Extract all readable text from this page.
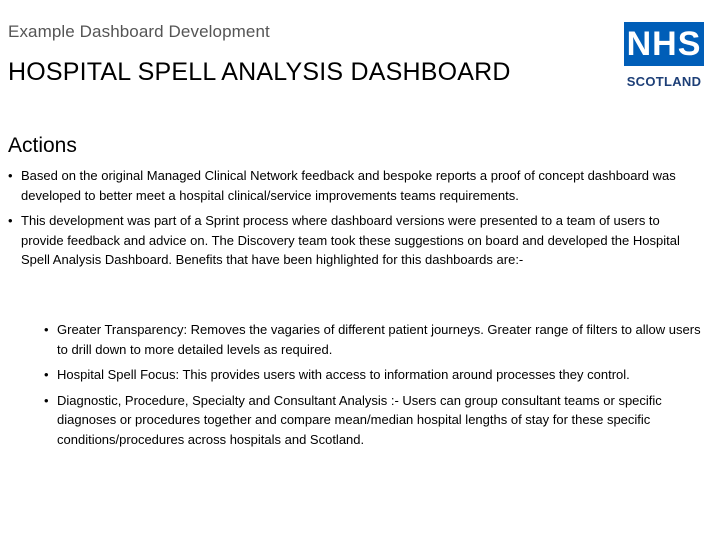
Example Dashboard Development
HOSPITAL SPELL ANALYSIS DASHBOARD
NHS
SCOTLAND
Actions
• Based on the original Managed Clinical Network feedback and bespoke reports a proof of concept dashboard was developed to better meet a hospital clinical/service improvements teams requirements.
• This development was part of a Sprint process where dashboard versions were presented to a team of users to provide feedback and advice on. The Discovery team took these suggestions on board and developed the Hospital Spell Analysis Dashboard. Benefits that have been highlighted for this dashboards are:-
• Greater Transparency: Removes the vagaries of different patient journeys. Greater range of filters to allow users to drill down to more detailed levels as required.
• Hospital Spell Focus: This provides users with access to information around processes they control.
• Diagnostic, Procedure, Specialty and Consultant Analysis :- Users can group consultant teams or specific diagnoses or procedures together and compare mean/median hospital lengths of stay for these specific conditions/procedures across hospitals and Scotland.
